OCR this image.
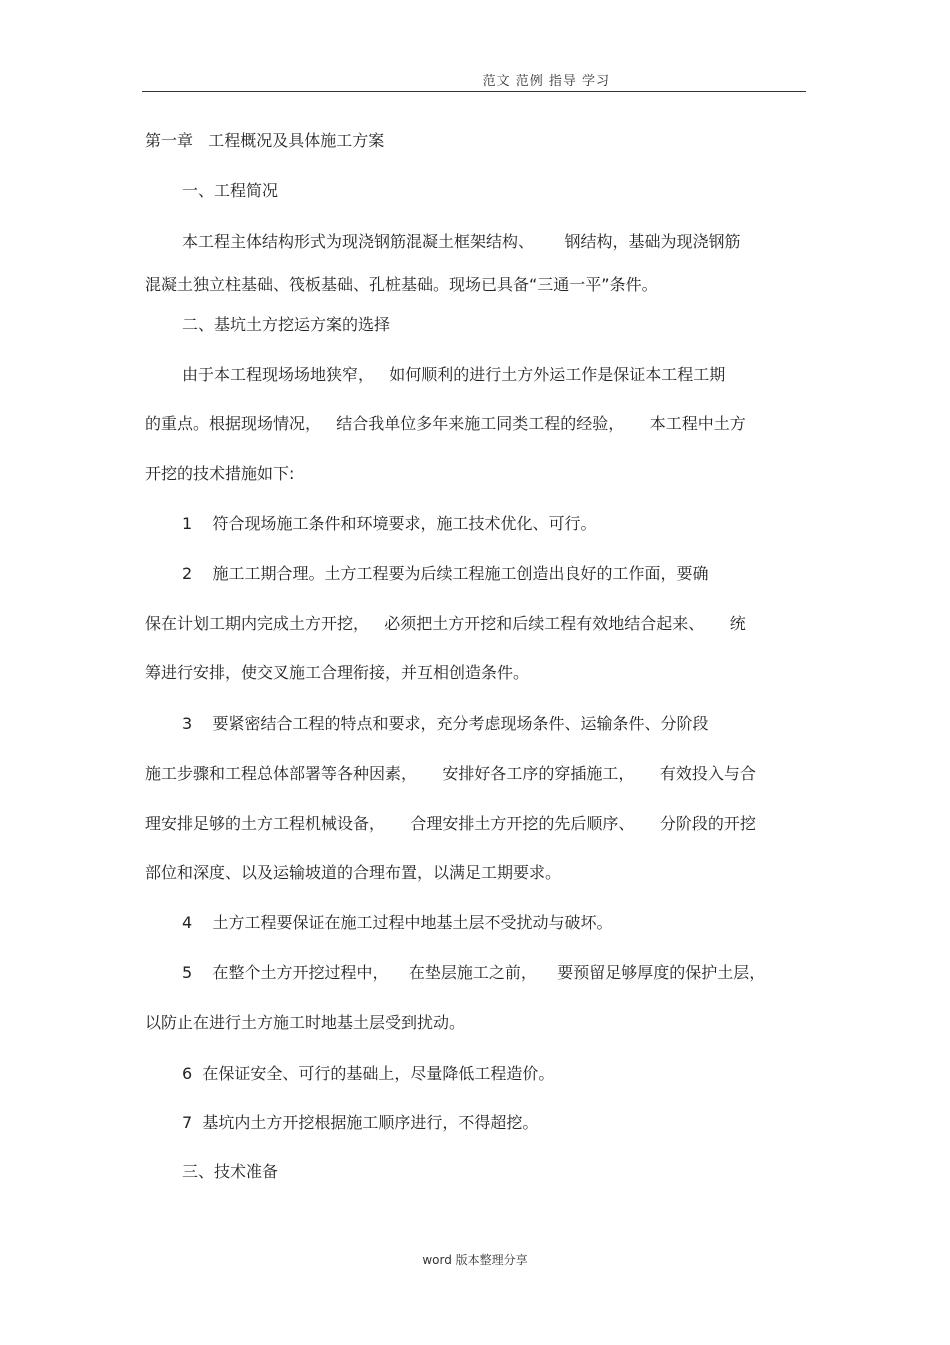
范文 范例 指导 学习
第一章   工程概况及具体施工方案
一、工程简况
本工程主体结构形式为现浇钢筋混凝土框架结构、      钢结构，基础为现浇钢筋
混凝土独立柱基础、筏板基础、孔桩基础。现场已具备“三通一平”条件。
二、基坑土方挖运方案的选择
由于本工程现场场地狭窄，   如何顺利的进行土方外运工作是保证本工程工期
的重点。根据现场情况，   结合我单位多年来施工同类工程的经验，     本工程中土方
开挖的技术措施如下:
1    符合现场施工条件和环境要求，施工技术优化、可行。
2    施工工期合理。土方工程要为后续工程施工创造出良好的工作面，要确
保在计划工期内完成土方开挖，   必须把土方开挖和后续工程有效地结合起来、     统
筹进行安排，使交叉施工合理衔接，并互相创造条件。
3    要紧密结合工程的特点和要求，充分考虑现场条件、运输条件、分阶段
施工步骤和工程总体部署等各种因素，     安排好各工序的穿插施工，     有效投入与合
理安排足够的土方工程机械设备，     合理安排土方开挖的先后顺序、     分阶段的开挖
部位和深度、以及运输坡道的合理布置，以满足工期要求。
4    土方工程要保证在施工过程中地基土层不受扰动与破坏。
5    在整个土方开挖过程中，    在垫层施工之前，    要预留足够厚度的保护土层，
以防止在进行土方施工时地基土层受到扰动。
6  在保证安全、可行的基础上，尽量降低工程造价。
7  基坑内土方开挖根据施工顺序进行，不得超挖。
三、技术准备
word 版本整理分享
